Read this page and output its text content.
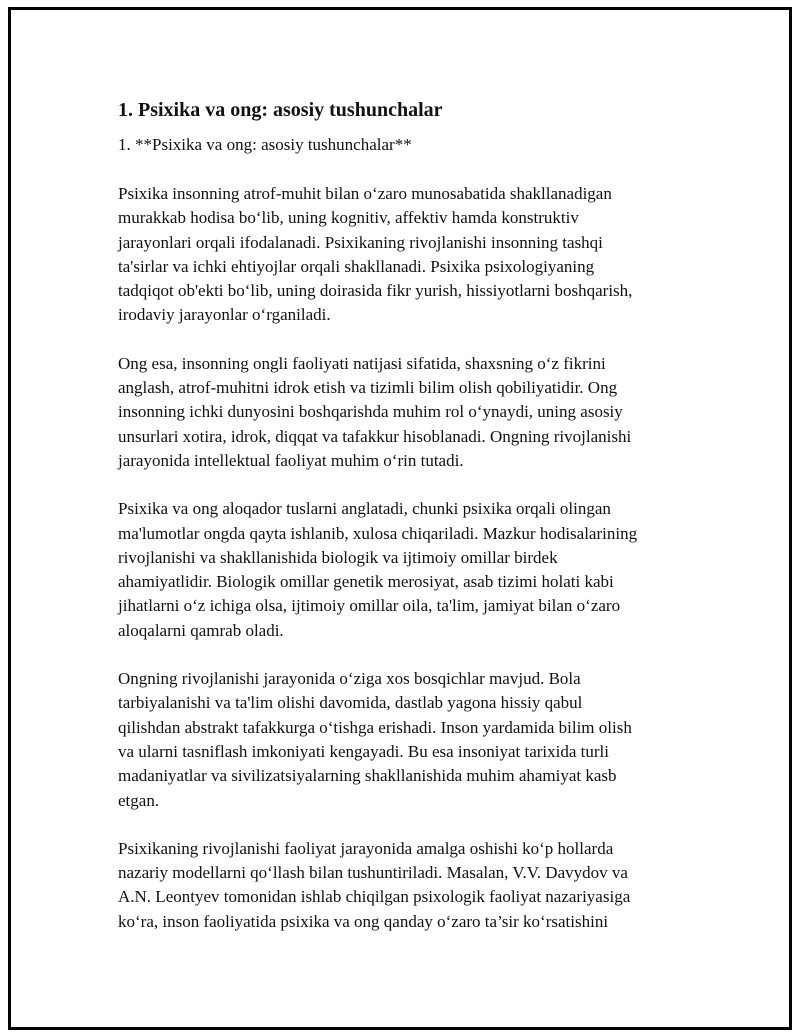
1. Psixika va ong: asosiy tushunchalar

1. **Psixika va ong: asosiy tushunchalar**

Psixika insonning atrof-muhit bilan o‘zaro munosabatida shakllanadigan
murakkab hodisa bo‘lib, uning kognitiv, affektiv hamda konstruktiv
jarayonlari orqali ifodalanadi. Psixikaning rivojlanishi insonning tashqi
ta'sirlar va ichki ehtiyojlar orqali shakllanadi. Psixika psixologiyaning
tadqiqot ob'ekti bo‘lib, uning doirasida fikr yurish, hissiyotlarni boshqarish,
irodaviy jarayonlar o‘rganiladi.

Ong esa, insonning ongli faoliyati natijasi sifatida, shaxsning o‘z fikrini
anglash, atrof-muhitni idrok etish va tizimli bilim olish qobiliyatidir. Ong
insonning ichki dunyosini boshqarishda muhim rol o‘ynaydi, uning asosiy
unsurlari xotira, idrok, diqqat va tafakkur hisoblanadi. Ongning rivojlanishi
jarayonida intellektual faoliyat muhim o‘rin tutadi.

Psixika va ong aloqador tuslarni anglatadi, chunki psixika orqali olingan
ma'lumotlar ongda qayta ishlanib, xulosa chiqariladi. Mazkur hodisalarining
rivojlanishi va shakllanishida biologik va ijtimoiy omillar birdek
ahamiyatlidir. Biologik omillar genetik merosiyat, asab tizimi holati kabi
jihatlarni o‘z ichiga olsa, ijtimoiy omillar oila, ta'lim, jamiyat bilan o‘zaro
aloqalarni qamrab oladi.

Ongning rivojlanishi jarayonida o‘ziga xos bosqichlar mavjud. Bola
tarbiyalanishi va ta'lim olishi davomida, dastlab yagona hissiy qabul
qilishdan abstrakt tafakkurga o‘tishga erishadi. Inson yardamida bilim olish
va ularni tasniflash imkoniyati kengayadi. Bu esa insoniyat tarixida turli
madaniyatlar va sivilizatsiyalarning shakllanishida muhim ahamiyat kasb
etgan.

Psixikaning rivojlanishi faoliyat jarayonida amalga oshishi ko‘p hollarda
nazariy modellarni qo‘llash bilan tushuntiriladi. Masalan, V.V. Davydov va
A.N. Leontyev tomonidan ishlab chiqilgan psixologik faoliyat nazariyasiga
ko‘ra, inson faoliyatida psixika va ong qanday o‘zaro ta’sir ko‘rsatishini
